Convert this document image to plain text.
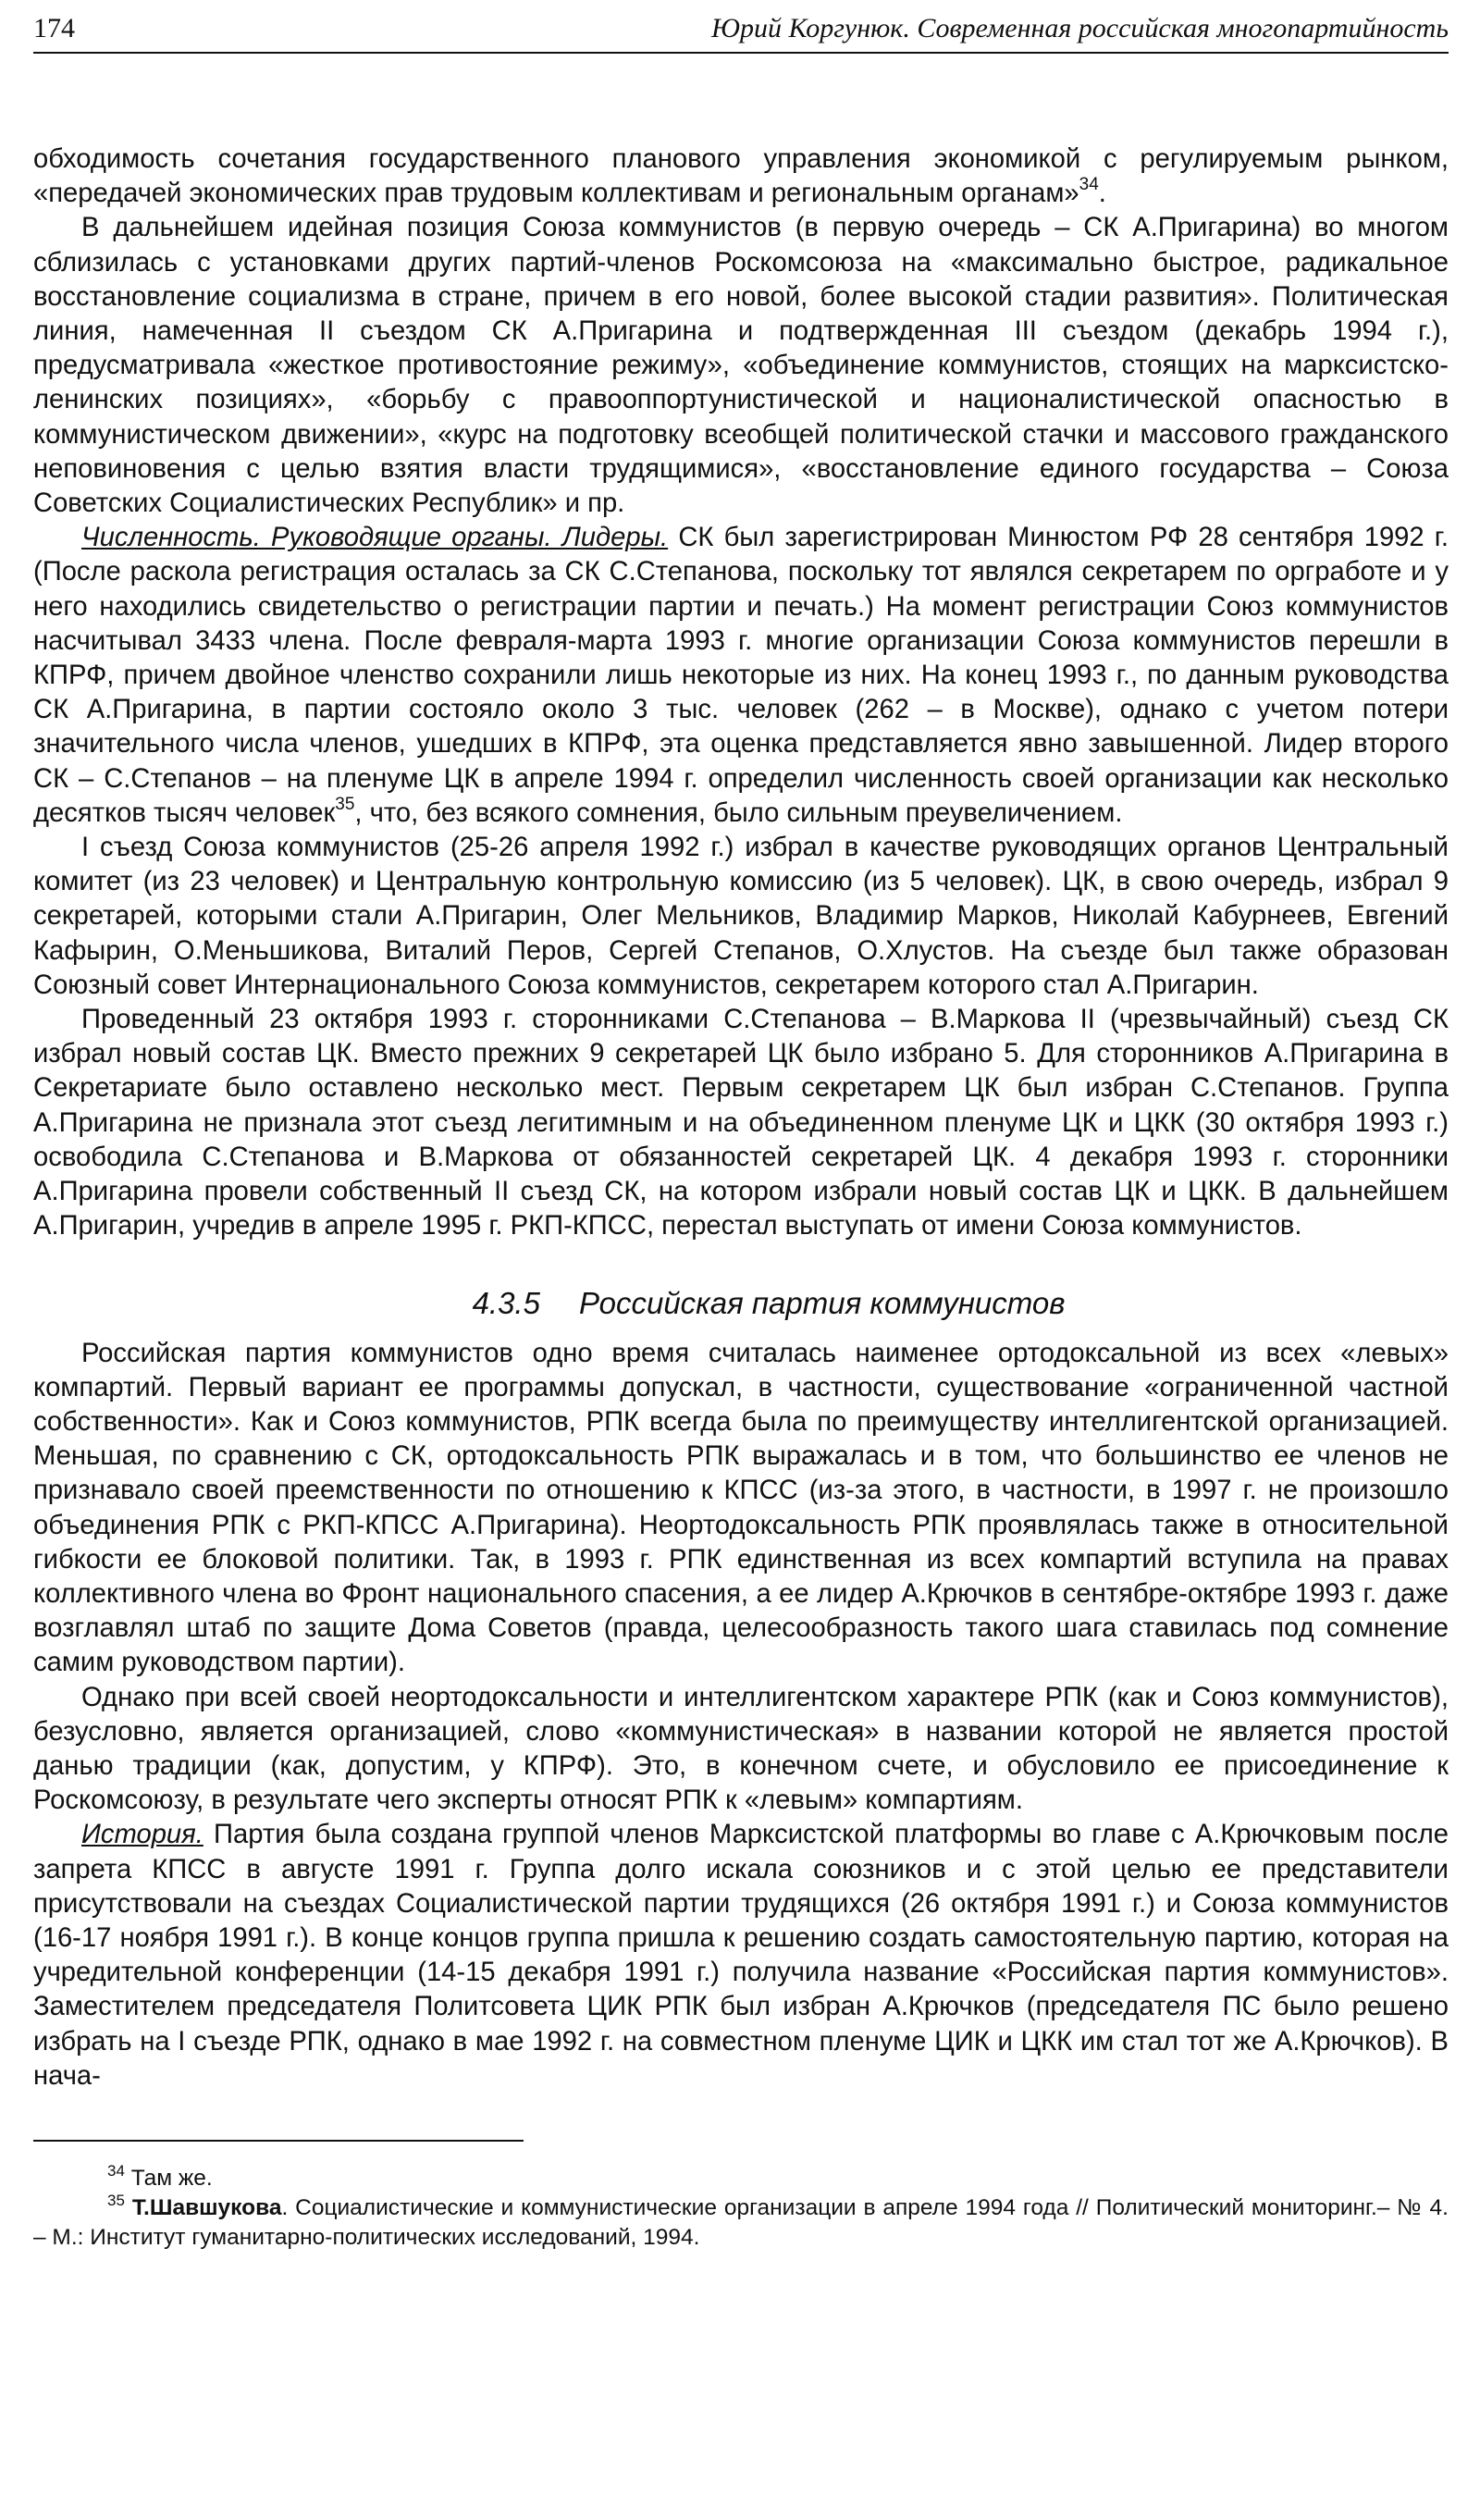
174	Юрий Коргунюк. Современная российская многопартийность

обходимость сочетания государственного планового управления экономикой с регулируемым рынком, «передачей экономических прав трудовым коллективам и региональным органам»$^{34}$.

В дальнейшем идейная позиция Союза коммунистов (в первую очередь – СК А.Пригарина) во многом сблизилась с установками других партий-членов Роскомсоюза на «максимально быстрое, радикальное восстановление социализма в стране, причем в его новой, более высокой стадии развития». Политическая линия, намеченная II съездом СК А.Пригарина и подтвержденная III съездом (декабрь 1994 г.), предусматривала «жесткое противостояние режиму», «объединение коммунистов, стоящих на марксистско-ленинских позициях», «борьбу с правооппортунистической и националистической опасностью в коммунистическом движении», «курс на подготовку всеобщей политической стачки и массового гражданского неповиновения с целью взятия власти трудящимися», «восстановление единого государства – Союза Советских Социалистических Республик» и пр.

Численность. Руководящие органы. Лидеры. СК был зарегистрирован Минюстом РФ 28 сентября 1992 г. (После раскола регистрация осталась за СК С.Степанова, поскольку тот являлся секретарем по оргработе и у него находились свидетельство о регистрации партии и печать.) На момент регистрации Союз коммунистов насчитывал 3433 члена. После февраля-марта 1993 г. многие организации Союза коммунистов перешли в КПРФ, причем двойное членство сохранили лишь некоторые из них. На конец 1993 г., по данным руководства СК А.Пригарина, в партии состояло около 3 тыс. человек (262 – в Москве), однако с учетом потери значительного числа членов, ушедших в КПРФ, эта оценка представляется явно завышенной. Лидер второго СК – С.Степанов – на пленуме ЦК в апреле 1994 г. определил численность своей организации как несколько десятков тысяч человек$^{35}$, что, без всякого сомнения, было сильным преувеличением.

I съезд Союза коммунистов (25-26 апреля 1992 г.) избрал в качестве руководящих органов Центральный комитет (из 23 человек) и Центральную контрольную комиссию (из 5 человек). ЦК, в свою очередь, избрал 9 секретарей, которыми стали А.Пригарин, Олег Мельников, Владимир Марков, Николай Кабурнеев, Евгений Кафырин, О.Меньшикова, Виталий Перов, Сергей Степанов, О.Хлустов. На съезде был также образован Союзный совет Интернационального Союза коммунистов, секретарем которого стал А.Пригарин.

Проведенный 23 октября 1993 г. сторонниками С.Степанова – В.Маркова II (чрезвычайный) съезд СК избрал новый состав ЦК. Вместо прежних 9 секретарей ЦК было избрано 5. Для сторонников А.Пригарина в Секретариате было оставлено несколько мест. Первым секретарем ЦК был избран С.Степанов. Группа А.Пригарина не признала этот съезд легитимным и на объединенном пленуме ЦК и ЦКК (30 октября 1993 г.) освободила С.Степанова и В.Маркова от обязанностей секретарей ЦК. 4 декабря 1993 г. сторонники А.Пригарина провели собственный II съезд СК, на котором избрали новый состав ЦК и ЦКК. В дальнейшем А.Пригарин, учредив в апреле 1995 г. РКП-КПСС, перестал выступать от имени Союза коммунистов.

4.3.5 Российская партия коммунистов

Российская партия коммунистов одно время считалась наименее ортодоксальной из всех «левых» компартий. Первый вариант ее программы допускал, в частности, существование «ограниченной частной собственности». Как и Союз коммунистов, РПК всегда была по преимуществу интеллигентской организацией. Меньшая, по сравнению с СК, ортодоксальность РПК выражалась и в том, что большинство ее членов не признавало своей преемственности по отношению к КПСС (из-за этого, в частности, в 1997 г. не произошло объединения РПК с РКП-КПСС А.Пригарина). Неортодоксальность РПК проявлялась также в относительной гибкости ее блоковой политики. Так, в 1993 г. РПК единственная из всех компартий вступила на правах коллективного члена во Фронт национального спасения, а ее лидер А.Крючков в сентябре-октябре 1993 г. даже возглавлял штаб по защите Дома Советов (правда, целесообразность такого шага ставилась под сомнение самим руководством партии).

Однако при всей своей неортодоксальности и интеллигентском характере РПК (как и Союз коммунистов), безусловно, является организацией, слово «коммунистическая» в названии которой не является простой данью традиции (как, допустим, у КПРФ). Это, в конечном счете, и обусловило ее присоединение к Роскомсоюзу, в результате чего эксперты относят РПК к «левым» компартиям.

История. Партия была создана группой членов Марксистской платформы во главе с А.Крючковым после запрета КПСС в августе 1991 г. Группа долго искала союзников и с этой целью ее представители присутствовали на съездах Социалистической партии трудящихся (26 октября 1991 г.) и Союза коммунистов (16-17 ноября 1991 г.). В конце концов группа пришла к решению создать самостоятельную партию, которая на учредительной конференции (14-15 декабря 1991 г.) получила название «Российская партия коммунистов». Заместителем председателя Политсовета ЦИК РПК был избран А.Крючков (председателя ПС было решено избрать на I съезде РПК, однако в мае 1992 г. на совместном пленуме ЦИК и ЦКК им стал тот же А.Крючков). В нача-

$^{34}$ Там же.

$^{35}$ Т.Шавшукова. Социалистические и коммунистические организации в апреле 1994 года // Политический мониторинг.– № 4. – М.: Институт гуманитарно-политических исследований, 1994.
